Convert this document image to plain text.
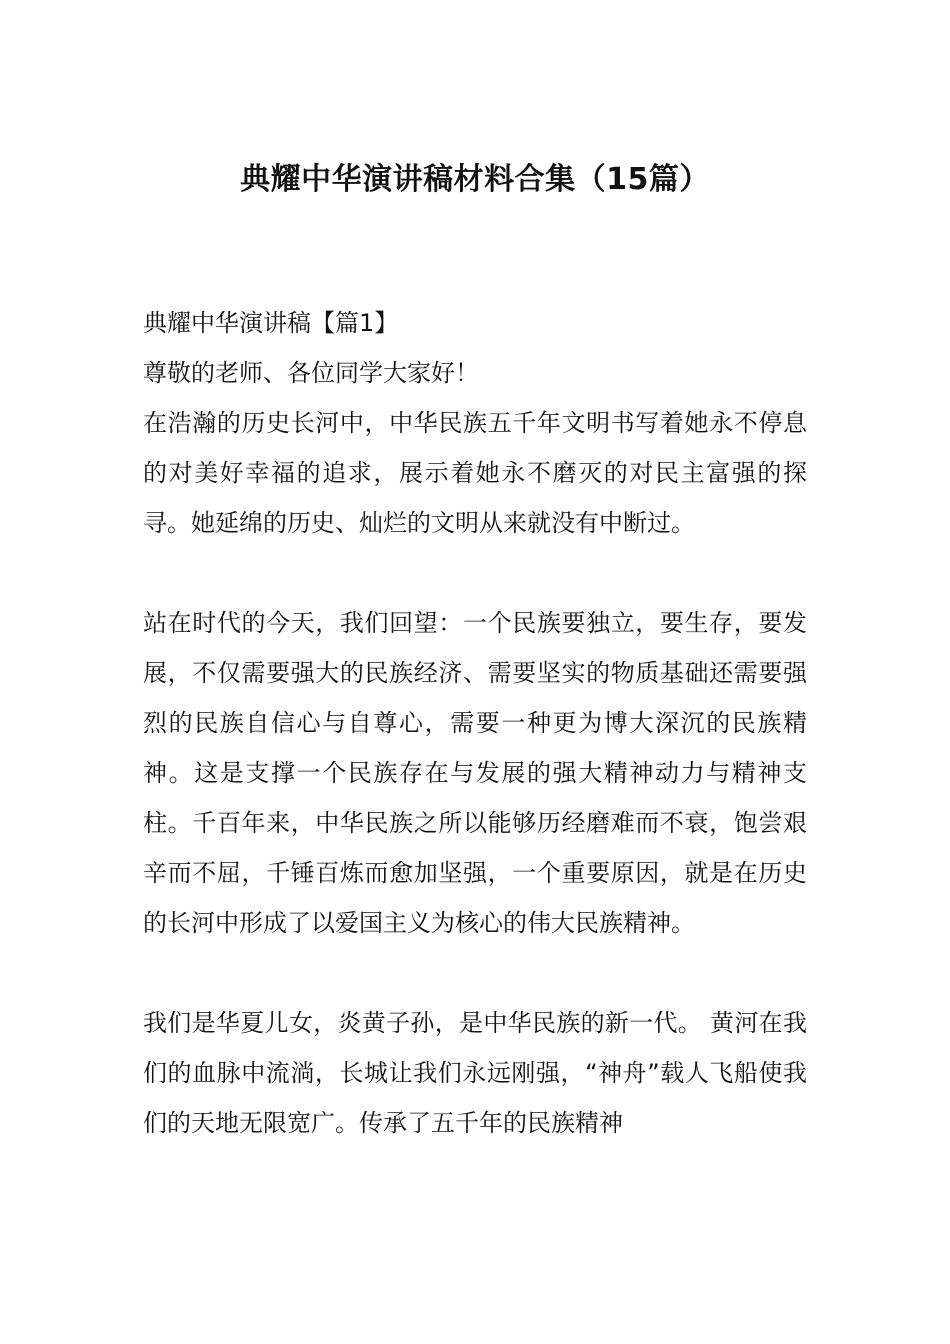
典耀中华演讲稿材料合集（15篇）

典耀中华演讲稿【篇1】

尊敬的老师、各位同学大家好！

在浩瀚的历史长河中，中华民族五千年文明书写着她永不停息的对美好幸福的追求，展示着她永不磨灭的对民主富强的探寻。她延绵的历史、灿烂的文明从来就没有中断过。

站在时代的今天，我们回望：一个民族要独立，要生存，要发展，不仅需要强大的民族经济、需要坚实的物质基础还需要强烈的民族自信心与自尊心，需要一种更为博大深沉的民族精神。这是支撑一个民族存在与发展的强大精神动力与精神支柱。千百年来，中华民族之所以能够历经磨难而不衰，饱尝艰辛而不屈，千锤百炼而愈加坚强，一个重要原因，就是在历史的长河中形成了以爱国主义为核心的伟大民族精神。

我们是华夏儿女，炎黄子孙，是中华民族的新一代。 黄河在我们的血脉中流淌，长城让我们永远刚强，“神舟”载人飞船使我们的天地无限宽广。传承了五千年的民族精神
